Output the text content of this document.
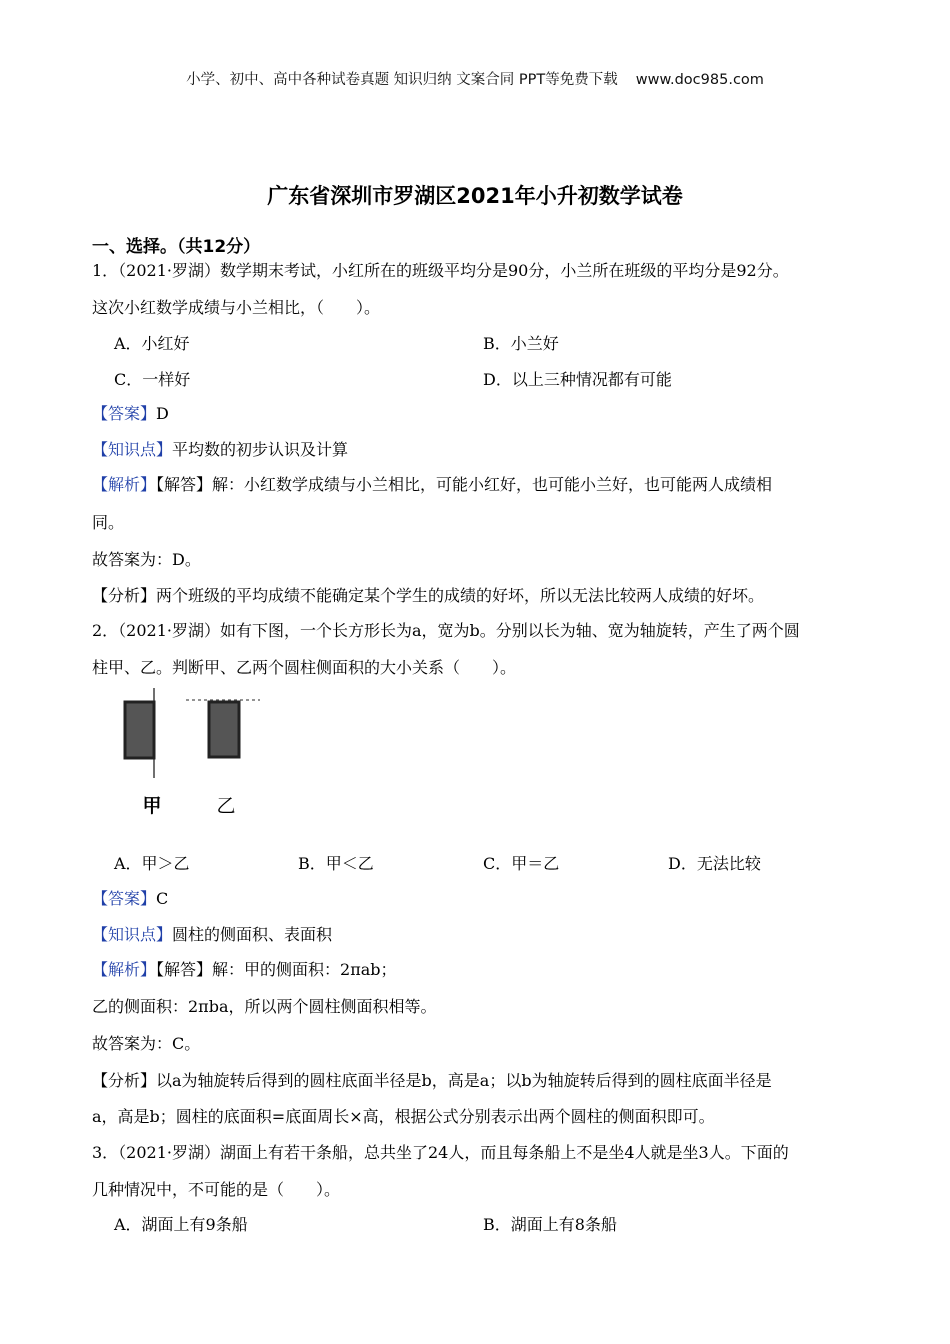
小学、初中、高中各种试卷真题 知识归纳 文案合同 PPT等免费下载 www.doc985.com
广东省深圳市罗湖区2021年小升初数学试卷
一、选择。（共12分）
1．（2021·罗湖）数学期末考试，小红所在的班级平均分是90分，小兰所在班级的平均分是92分。
这次小红数学成绩与小兰相比，（　　）。
A．小红好	B．小兰好
C．一样好	D．以上三种情况都有可能
【答案】D
【知识点】平均数的初步认识及计算
【解析】【解答】解：小红数学成绩与小兰相比，可能小红好，也可能小兰好，也可能两人成绩相
同。
故答案为：D。
【分析】两个班级的平均成绩不能确定某个学生的成绩的好坏，所以无法比较两人成绩的好坏。
2．（2021·罗湖）如有下图，一个长方形长为a，宽为b。分别以长为轴、宽为轴旋转，产生了两个圆
柱甲、乙。判断甲、乙两个圆柱侧面积的大小关系（　　）。
甲	乙
A．甲＞乙	B．甲＜乙	C．甲＝乙	D．无法比较
【答案】C
【知识点】圆柱的侧面积、表面积
【解析】【解答】解：甲的侧面积：2πab；
乙的侧面积：2πba，所以两个圆柱侧面积相等。
故答案为：C。
【分析】以a为轴旋转后得到的圆柱底面半径是b，高是a；以b为轴旋转后得到的圆柱底面半径是
a，高是b；圆柱的底面积=底面周长×高，根据公式分别表示出两个圆柱的侧面积即可。
3．（2021·罗湖）湖面上有若干条船，总共坐了24人，而且每条船上不是坐4人就是坐3人。下面的
几种情况中，不可能的是（　　）。
A．湖面上有9条船	B．湖面上有8条船
